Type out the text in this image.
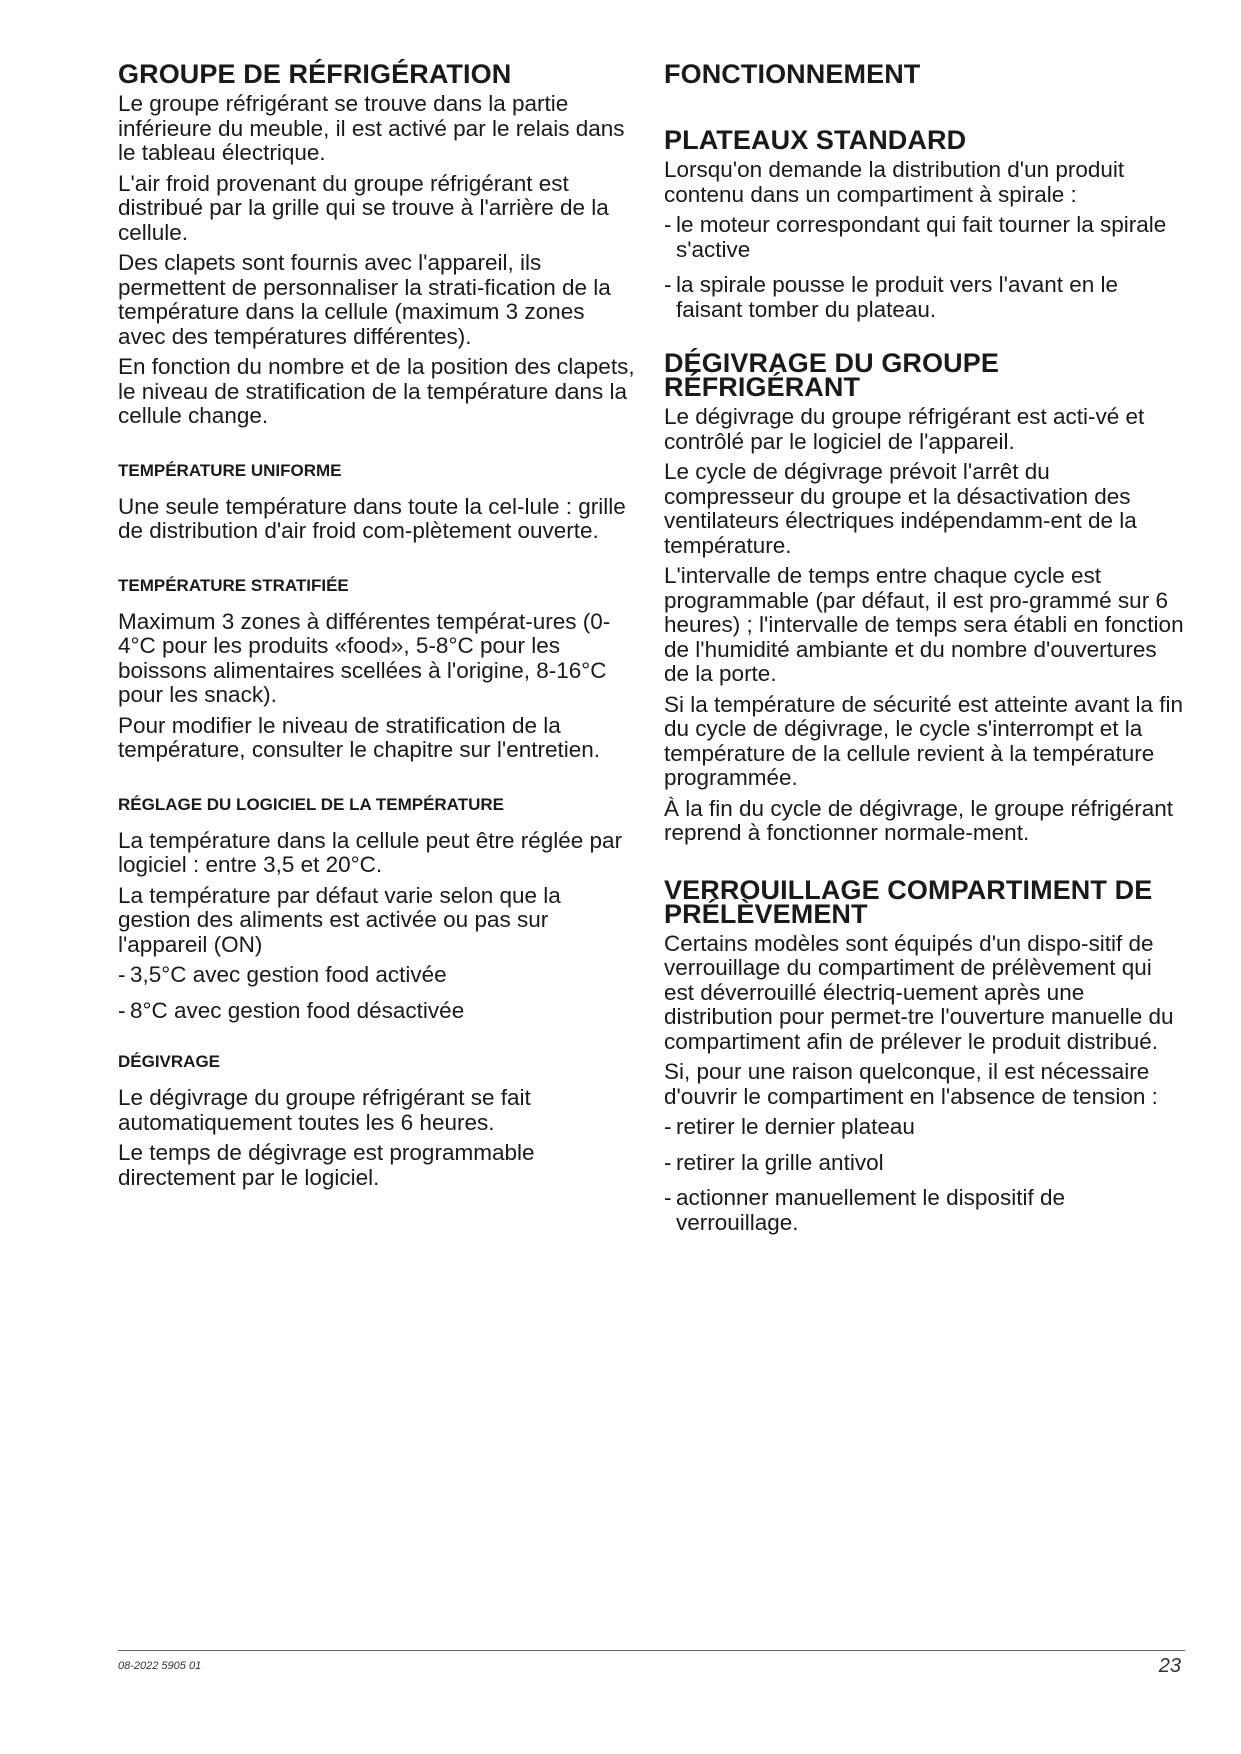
GROUPE DE RÉFRIGÉRATION

Le groupe réfrigérant se trouve dans la partie inférieure du meuble, il est activé par le relais dans le tableau électrique.

L'air froid provenant du groupe réfrigérant est distribué par la grille qui se trouve à l'arrière de la cellule.

Des clapets sont fournis avec l'appareil, ils permettent de personnaliser la strati-fication de la température dans la cellule (maximum 3 zones avec des températures différentes).

En fonction du nombre et de la position des clapets, le niveau de stratification de la température dans la cellule change.

TEMPÉRATURE UNIFORME

Une seule température dans toute la cel-lule : grille de distribution d'air froid com-plètement ouverte.

TEMPÉRATURE STRATIFIÉE

Maximum 3 zones à différentes températ-ures (0-4°C pour les produits «food», 5-8°C pour les boissons alimentaires scellées à l'origine, 8-16°C pour les snack).

Pour modifier le niveau de stratification de la température, consulter le chapitre sur l'entretien.

RÉGLAGE DU LOGICIEL DE LA TEMPÉRATURE

La température dans la cellule peut être réglée par logiciel : entre 3,5 et 20°C.

La température par défaut varie selon que la gestion des aliments est activée ou pas sur l'appareil (ON)

- 3,5°C avec gestion food activée
- 8°C avec gestion food désactivée
DÉGIVRAGE

Le dégivrage du groupe réfrigérant se fait automatiquement toutes les 6 heures.

Le temps de dégivrage est programmable directement par le logiciel.

FONCTIONNEMENT
PLATEAUX STANDARD

Lorsqu'on demande la distribution d'un produit contenu dans un compartiment à spirale :

- le moteur correspondant qui fait tourner la spirale s'active
- la spirale pousse le produit vers l'avant en le faisant tomber du plateau.
DÉGIVRAGE DU GROUPE RÉFRIGÉRANT

Le dégivrage du groupe réfrigérant est acti-vé et contrôlé par le logiciel de l'appareil.

Le cycle de dégivrage prévoit l'arrêt du compresseur du groupe et la désactivation des ventilateurs électriques indépendamm-ent de la température.

L'intervalle de temps entre chaque cycle est programmable (par défaut, il est pro-grammé sur 6 heures) ; l'intervalle de temps sera établi en fonction de l'humidité ambiante et du nombre d'ouvertures de la porte.

Si la température de sécurité est atteinte avant la fin du cycle de dégivrage, le cycle s'interrompt et la température de la cellule revient à la température programmée.

À la fin du cycle de dégivrage, le groupe réfrigérant reprend à fonctionner normale-ment.

VERROUILLAGE COMPARTIMENT DE PRÉLÈVEMENT

Certains modèles sont équipés d'un dispo-sitif de verrouillage du compartiment de prélèvement qui est déverrouillé électriq-uement après une distribution pour permet-tre l'ouverture manuelle du compartiment afin de prélever le produit distribué.

Si, pour une raison quelconque, il est nécessaire d'ouvrir le compartiment en l'absence de tension :

- retirer le dernier plateau
- retirer la grille antivol
- actionner manuellement le dispositif de verrouillage.
08-2022 5905 01	23
